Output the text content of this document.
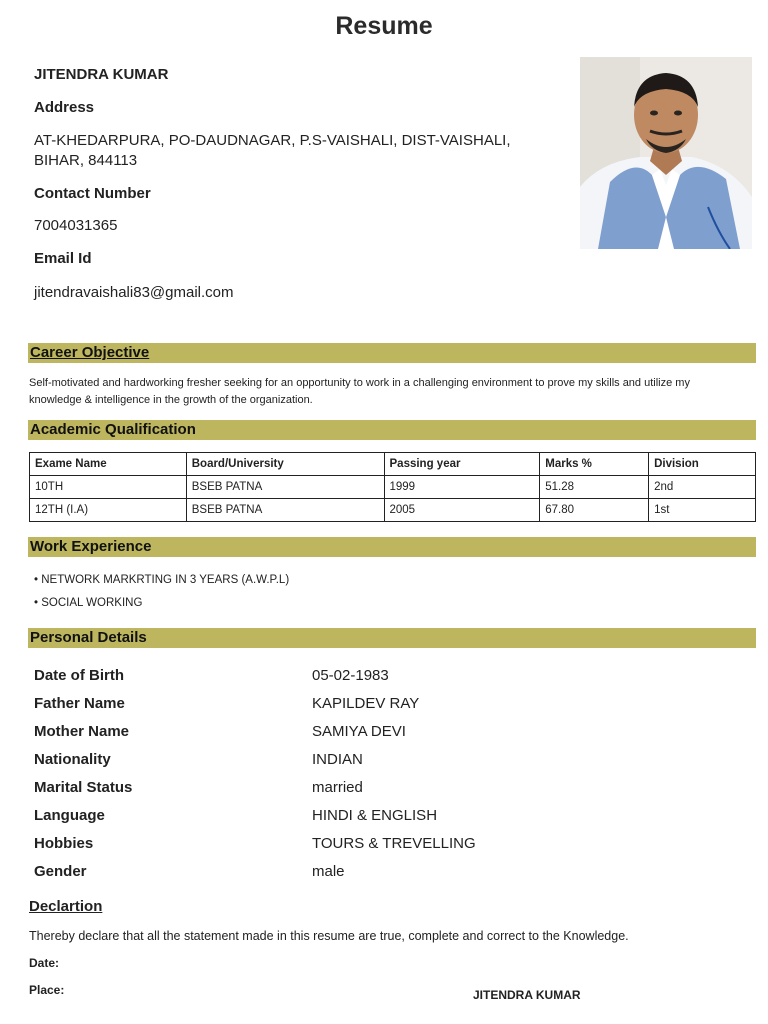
Resume
JITENDRA KUMAR
Address
AT-KHEDARPURA, PO-DAUDNAGAR, P.S-VAISHALI, DIST-VAISHALI,
BIHAR, 844113
Contact Number
7004031365
Email Id
jitendravaishali83@gmail.com
Career Objective
Self-motivated and hardworking fresher seeking for an opportunity to work in a challenging environment to prove my skills and utilize my
knowledge & intelligence in the growth of the organization.
Academic Qualification
Exame Name	Board/University	Passing year	Marks %	Division
10TH	BSEB PATNA	1999	51.28	2nd
12TH (I.A)	BSEB PATNA	2005	67.80	1st
Work Experience
• NETWORK MARKRTING IN 3 YEARS (A.W.P.L)
• SOCIAL WORKING
Personal Details
Date of Birth	05-02-1983
Father Name	KAPILDEV RAY
Mother Name	SAMIYA DEVI
Nationality	INDIAN
Marital Status	married
Language	HINDI & ENGLISH
Hobbies	TOURS & TREVELLING
Gender	male
Declartion
Thereby declare that all the statement made in this resume are true, complete and correct to the Knowledge.
Date:
Place:	JITENDRA KUMAR
